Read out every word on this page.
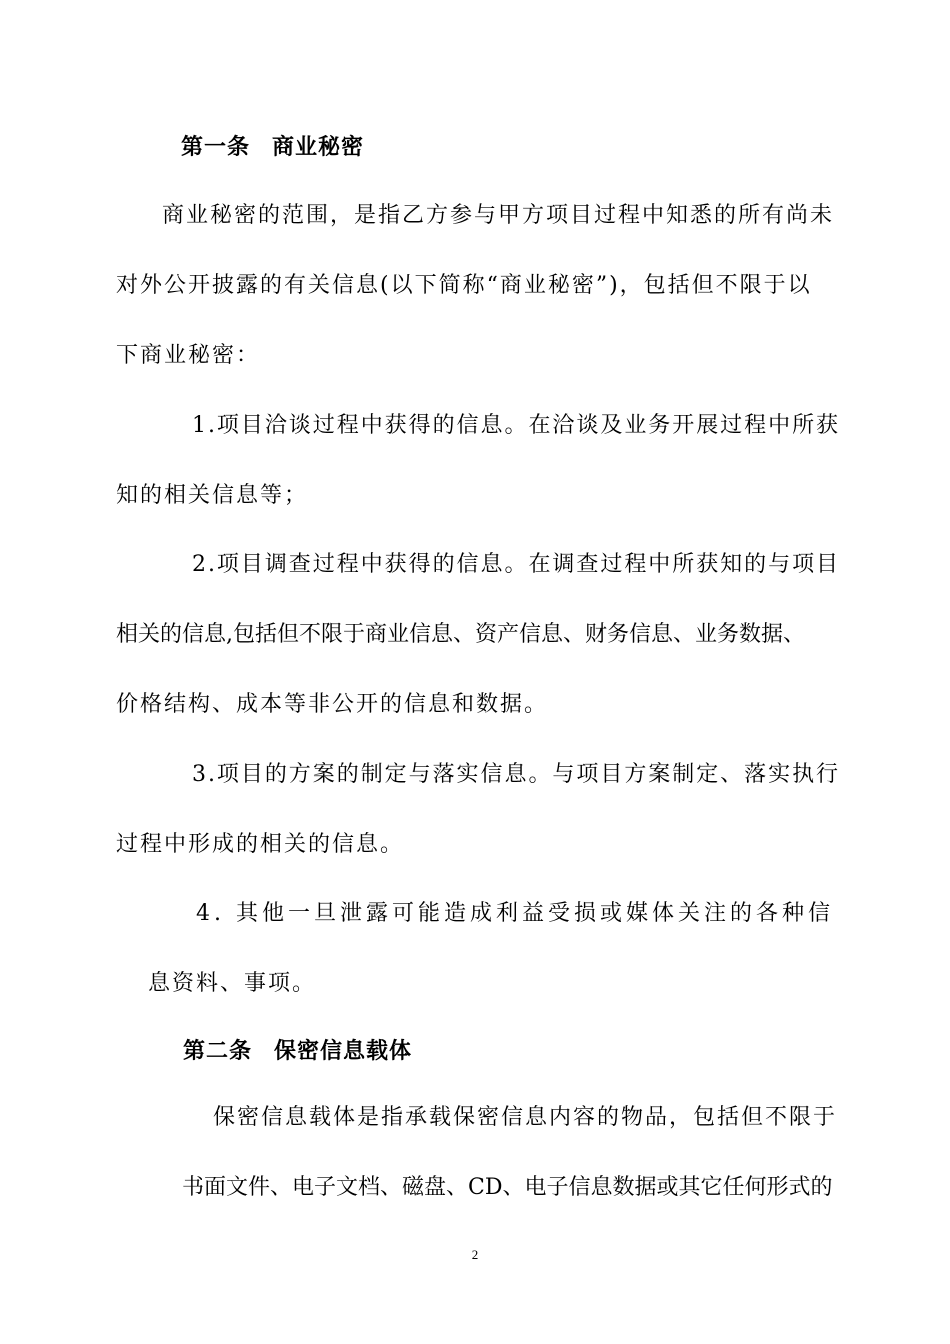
第一条 商业秘密
商业秘密的范围，是指乙方参与甲方项目过程中知悉的所有尚未
对外公开披露的有关信息(以下简称“商业秘密”)，包括但不限于以
下商业秘密：
1.项目洽谈过程中获得的信息。在洽谈及业务开展过程中所获
知的相关信息等；
2.项目调查过程中获得的信息。在调查过程中所获知的与项目
相关的信息,包括但不限于商业信息、资产信息、财务信息、业务数据、
价格结构、成本等非公开的信息和数据。
3.项目的方案的制定与落实信息。与项目方案制定、落实执行
过程中形成的相关的信息。
4. 其他一旦泄露可能造成利益受损或媒体关注的各种信
息资料、事项。
第二条 保密信息载体
保密信息载体是指承载保密信息内容的物品，包括但不限于
书面文件、电子文档、磁盘、CD、电子信息数据或其它任何形式的
2
